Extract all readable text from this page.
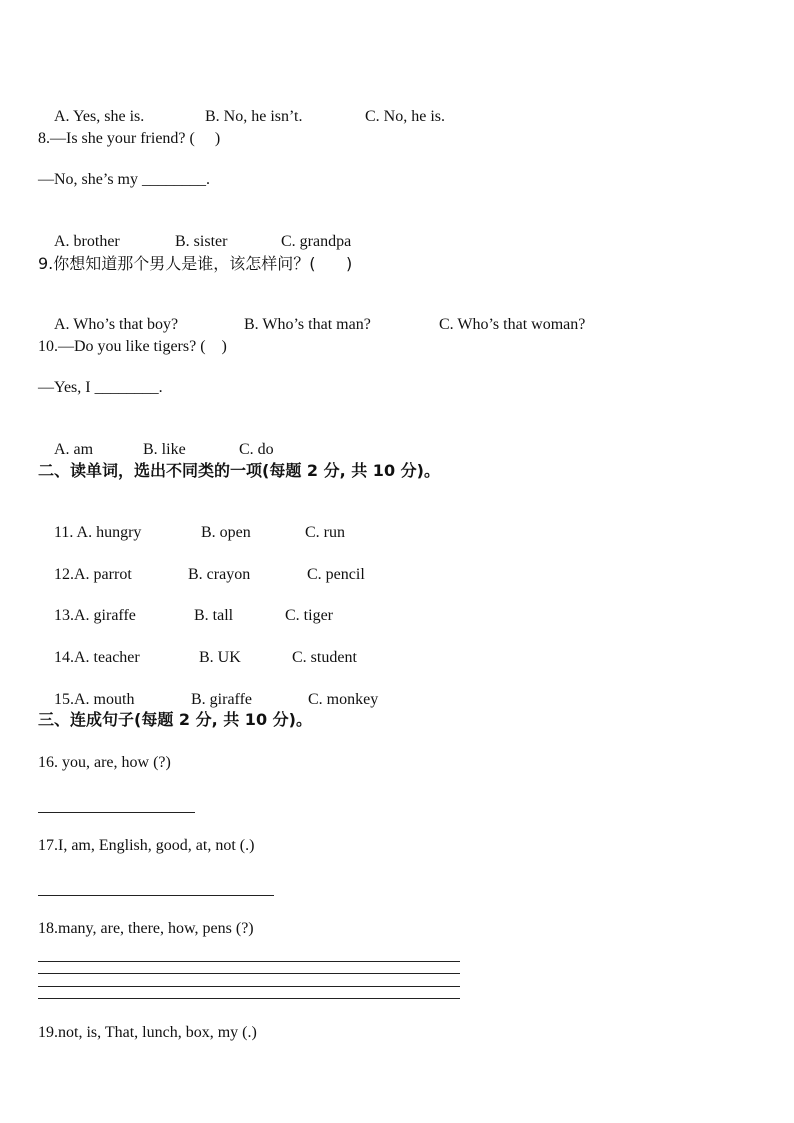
A. Yes, she is.	B. No, he isn’t.	C. No, he is.

8.—Is she your friend? (     )
—No, she’s my ________.

A. brother	B. sister	C. grandpa

9.你想知道那个男人是谁，该怎样问？(      )

A. Who’s that boy?	B. Who’s that man?	C. Who’s that woman?

10.—Do you like tigers? (    )
—Yes, I ________.

A. am	B. like	C. do

二、读单词，选出不同类的一项(每题 2 分, 共 10 分)。

11. A. hungry	B. open	C. run

12.A. parrot	B. crayon	C. pencil

13.A. giraffe	B. tall	C. tiger

14.A. teacher	B. UK	C. student

15.A. mouth	B. giraffe	C. monkey

三、连成句子(每题 2 分, 共 10 分)。
16. you, are, how (?)
17.I, am, English, good, at, not (.)
18.many, are, there, how, pens (?)
19.not, is, That, lunch, box, my (.)
